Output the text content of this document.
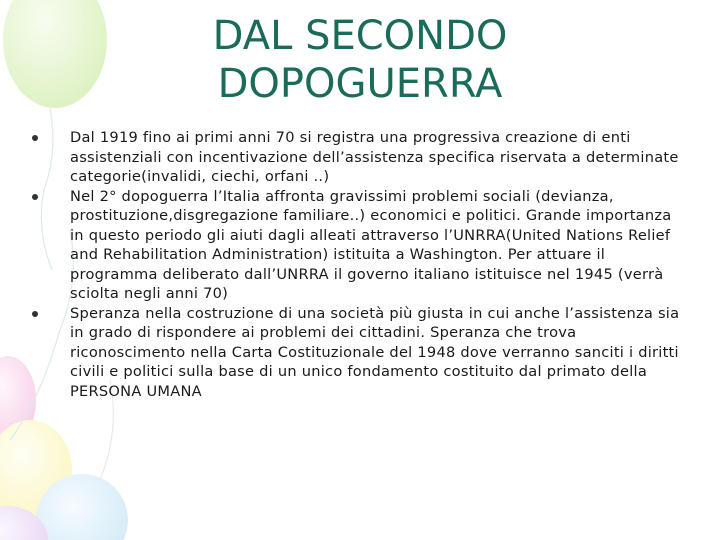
DAL SECONDO
DOPOGUERRA
Dal 1919 fino ai primi anni 70 si registra una progressiva creazione di enti assistenziali con incentivazione dell’assistenza specifica riservata a determinate categorie(invalidi, ciechi, orfani ..)
Nel 2° dopoguerra l’Italia affronta gravissimi problemi sociali (devianza, prostituzione,disgregazione familiare..) economici e politici. Grande importanza in questo periodo gli aiuti dagli alleati attraverso l’UNRRA(United Nations Relief and Rehabilitation Administration) istituita a Washington. Per attuare il programma deliberato dall’UNRRA il governo italiano istituisce nel 1945 (verrà sciolta negli anni 70)
Speranza nella costruzione di una società più giusta in cui anche l’assistenza sia in grado di rispondere ai problemi dei cittadini. Speranza che trova riconoscimento nella Carta Costituzionale del 1948 dove verranno sanciti i diritti civili e politici sulla base di un unico fondamento costituito dal primato della PERSONA UMANA
